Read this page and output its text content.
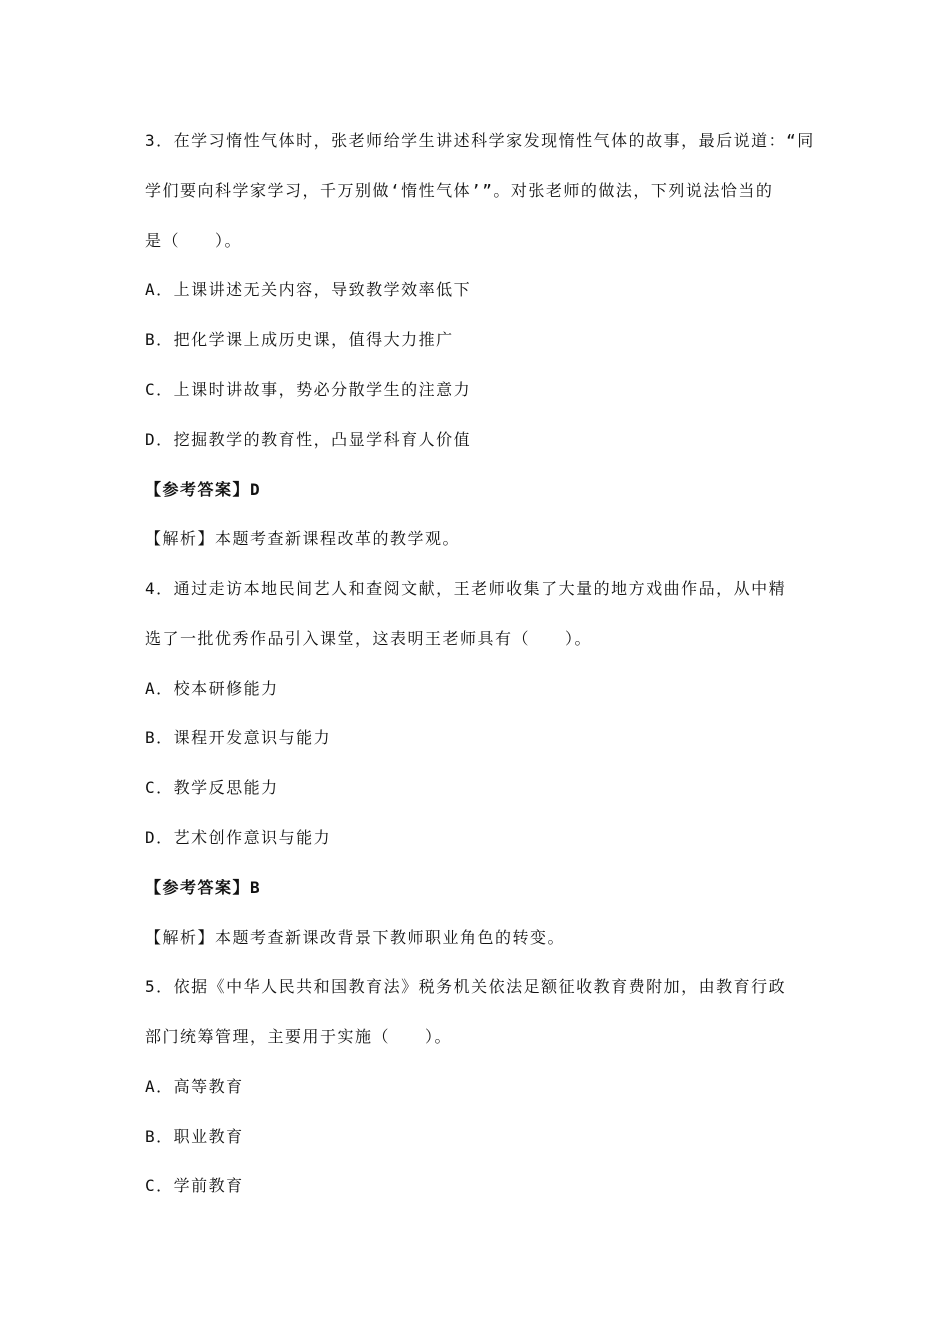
3．在学习惰性气体时，张老师给学生讲述科学家发现惰性气体的故事，最后说道：“同
学们要向科学家学习，千万别做‘惰性气体’”。对张老师的做法，下列说法恰当的
是（　　）。
A．上课讲述无关内容，导致教学效率低下
B．把化学课上成历史课，值得大力推广
C．上课时讲故事，势必分散学生的注意力
D．挖掘教学的教育性，凸显学科育人价值
【参考答案】D
【解析】本题考查新课程改革的教学观。
4．通过走访本地民间艺人和查阅文献，王老师收集了大量的地方戏曲作品，从中精
选了一批优秀作品引入课堂，这表明王老师具有（　　）。
A．校本研修能力
B．课程开发意识与能力
C．教学反思能力
D．艺术创作意识与能力
【参考答案】B
【解析】本题考查新课改背景下教师职业角色的转变。
5．依据《中华人民共和国教育法》税务机关依法足额征收教育费附加，由教育行政
部门统筹管理，主要用于实施（　　）。
A．高等教育
B．职业教育
C．学前教育
